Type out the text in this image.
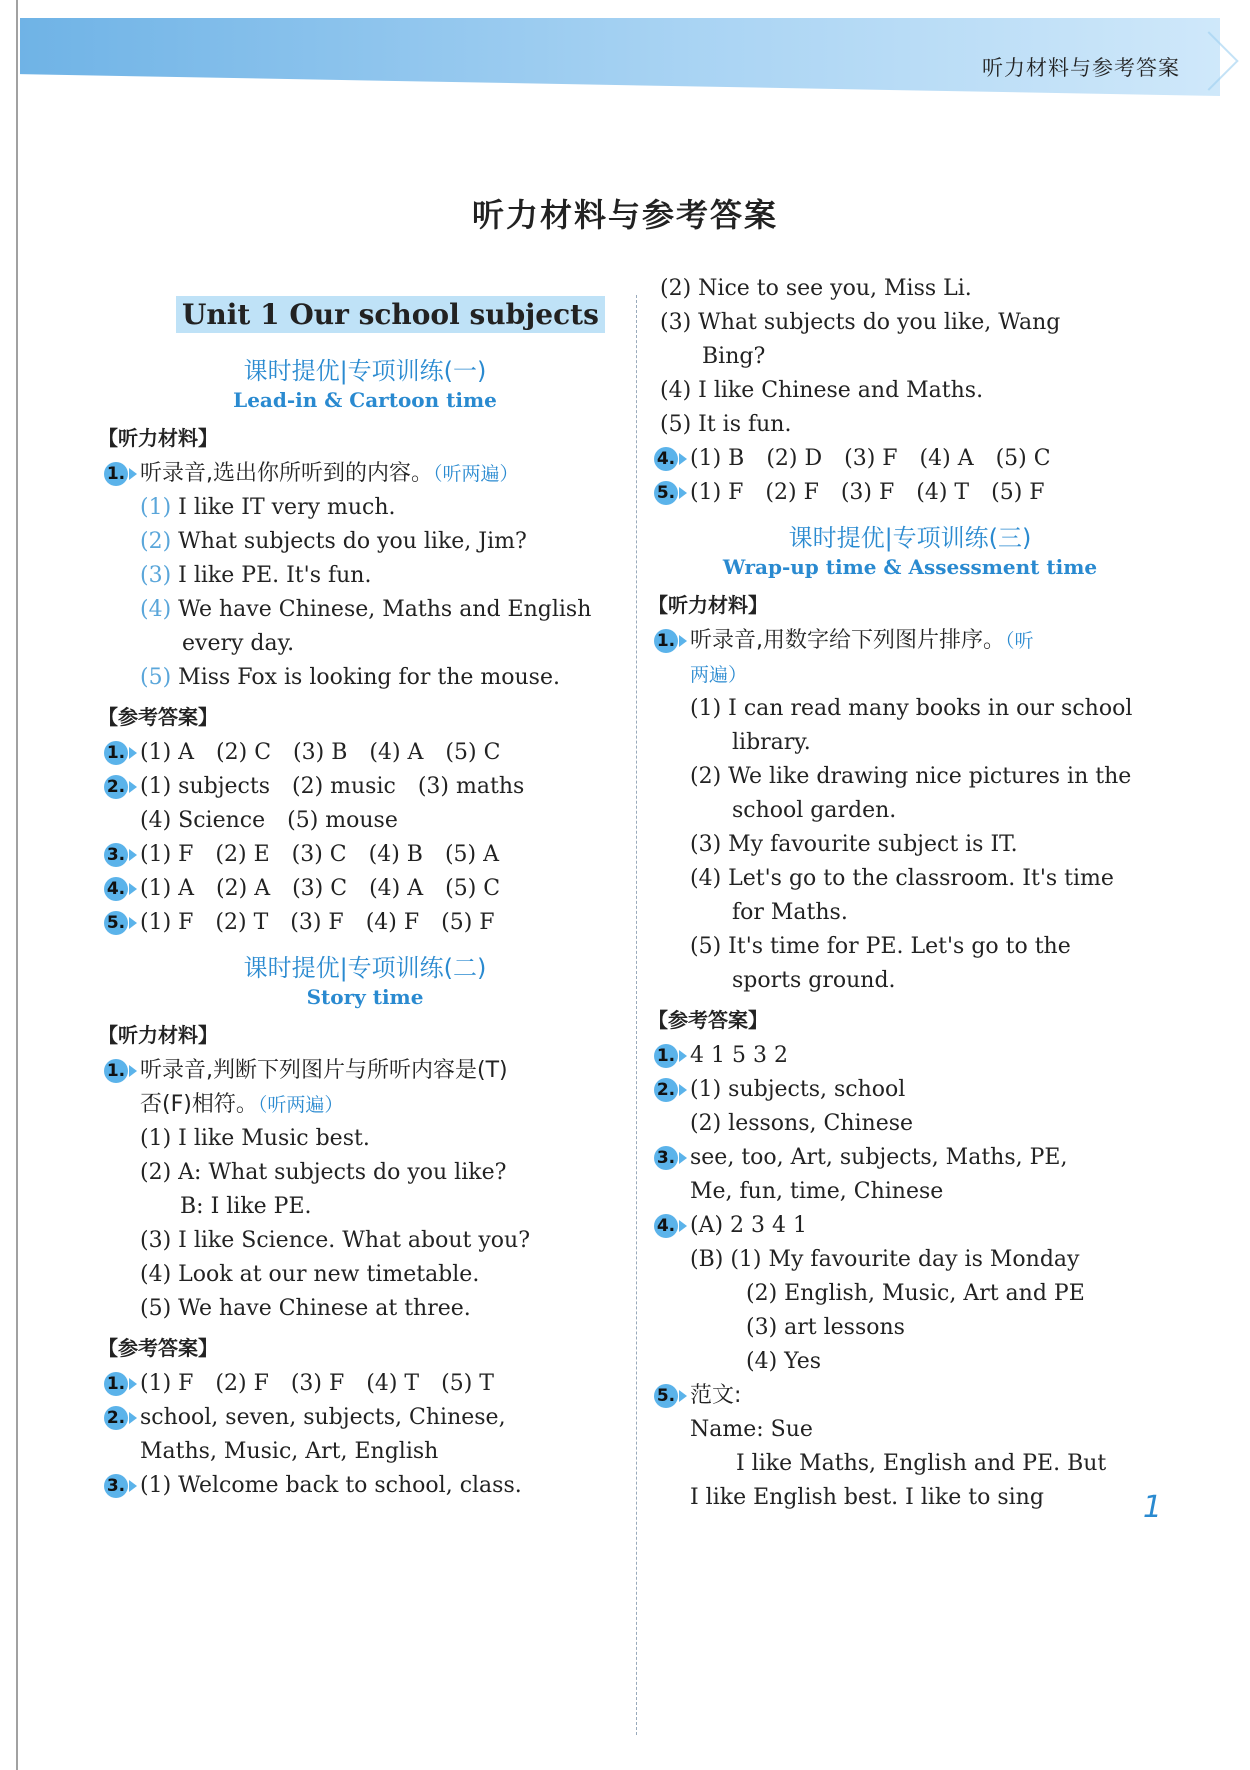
听力材料与参考答案
听力材料与参考答案
Unit 1 Our school subjects
课时提优|专项训练(一)
Lead-in & Cartoon time
【听力材料】
1. 听录音,选出你所听到的内容。（听两遍）
(1) I like IT very much.
(2) What subjects do you like, Jim?
(3) I like PE. It's fun.
(4) We have Chinese, Maths and English
every day.
(5) Miss Fox is looking for the mouse.
【参考答案】
1. (1) A (2) C (3) B (4) A (5) C
2. (1) subjects (2) music (3) maths
(4) Science (5) mouse
3. (1) F (2) E (3) C (4) B (5) A
4. (1) A (2) A (3) C (4) A (5) C
5. (1) F (2) T (3) F (4) F (5) F
课时提优|专项训练(二)
Story time
【听力材料】
1. 听录音,判断下列图片与所听内容是(T)
否(F)相符。（听两遍）
(1) I like Music best.
(2) A: What subjects do you like?
B: I like PE.
(3) I like Science. What about you?
(4) Look at our new timetable.
(5) We have Chinese at three.
【参考答案】
1. (1) F (2) F (3) F (4) T (5) T
2. school, seven, subjects, Chinese,
Maths, Music, Art, English
3. (1) Welcome back to school, class.
(2) Nice to see you, Miss Li.
(3) What subjects do you like, Wang
Bing?
(4) I like Chinese and Maths.
(5) It is fun.
4. (1) B (2) D (3) F (4) A (5) C
5. (1) F (2) F (3) F (4) T (5) F
课时提优|专项训练(三)
Wrap-up time & Assessment time
【听力材料】
1. 听录音,用数字给下列图片排序。（听
两遍）
(1) I can read many books in our school
library.
(2) We like drawing nice pictures in the
school garden.
(3) My favourite subject is IT.
(4) Let's go to the classroom. It's time
for Maths.
(5) It's time for PE. Let's go to the
sports ground.
【参考答案】
1. 4 1 5 3 2
2. (1) subjects, school
(2) lessons, Chinese
3. see, too, Art, subjects, Maths, PE,
Me, fun, time, Chinese
4. (A) 2 3 4 1
(B) (1) My favourite day is Monday
(2) English, Music, Art and PE
(3) art lessons
(4) Yes
5. 范文:
Name: Sue
I like Maths, English and PE. But
I like English best. I like to sing	1
